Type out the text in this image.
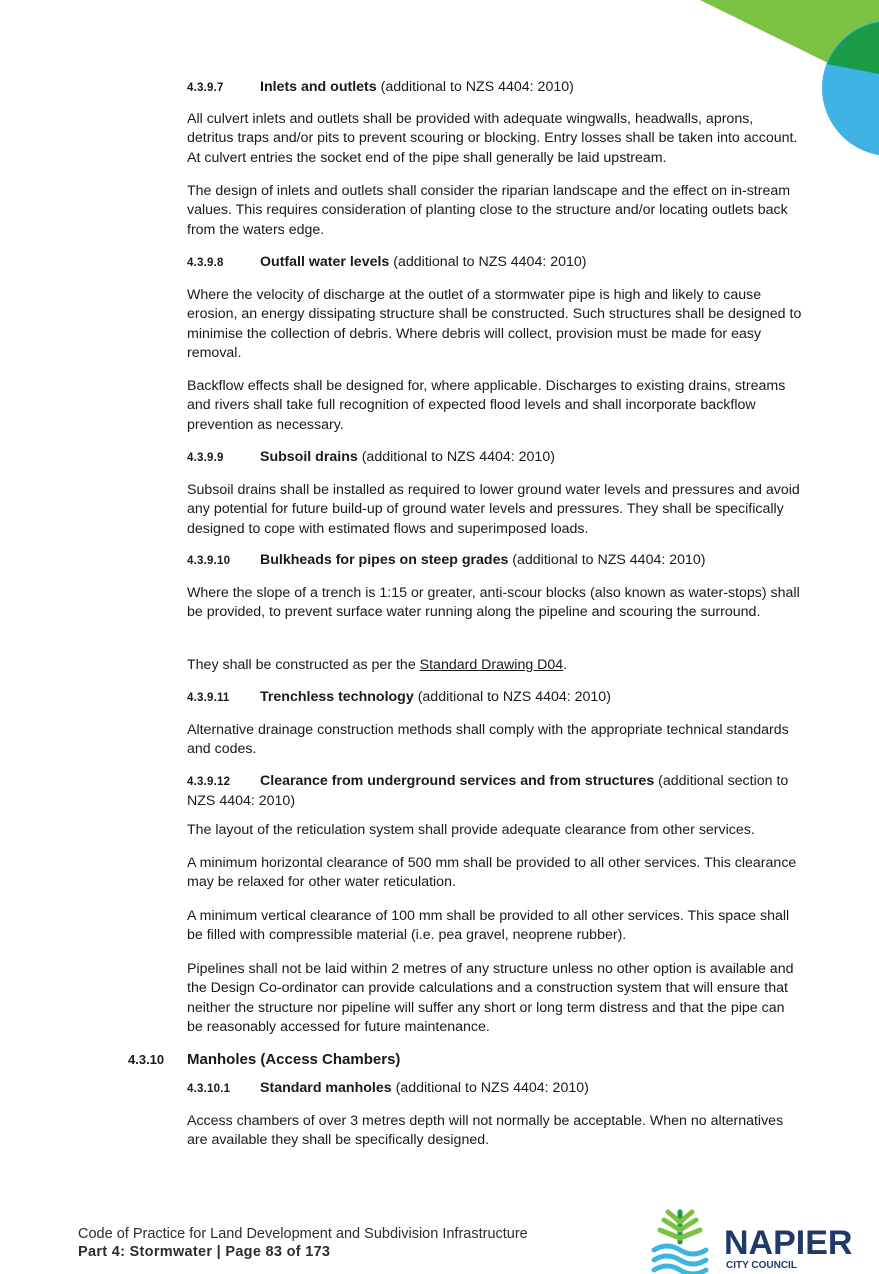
4.3.9.7	Inlets and outlets (additional to NZS 4404: 2010)
All culvert inlets and outlets shall be provided with adequate wingwalls, headwalls, aprons, detritus traps and/or pits to prevent scouring or blocking. Entry losses shall be taken into account. At culvert entries the socket end of the pipe shall generally be laid upstream.
The design of inlets and outlets shall consider the riparian landscape and the effect on in-stream values. This requires consideration of planting close to the structure and/or locating outlets back from the waters edge.
4.3.9.8	Outfall water levels (additional to NZS 4404: 2010)
Where the velocity of discharge at the outlet of a stormwater pipe is high and likely to cause erosion, an energy dissipating structure shall be constructed. Such structures shall be designed to minimise the collection of debris. Where debris will collect, provision must be made for easy removal.
Backflow effects shall be designed for, where applicable. Discharges to existing drains, streams and rivers shall take full recognition of expected flood levels and shall incorporate backflow prevention as necessary.
4.3.9.9	Subsoil drains (additional to NZS 4404: 2010)
Subsoil drains shall be installed as required to lower ground water levels and pressures and avoid any potential for future build-up of ground water levels and pressures. They shall be specifically designed to cope with estimated flows and superimposed loads.
4.3.9.10 Bulkheads for pipes on steep grades (additional to NZS 4404: 2010)
Where the slope of a trench is 1:15 or greater, anti-scour blocks (also known as water-stops) shall be provided, to prevent surface water running along the pipeline and scouring the surround.
They shall be constructed as per the Standard Drawing D04.
4.3.9.11 Trenchless technology (additional to NZS 4404: 2010)
Alternative drainage construction methods shall comply with the appropriate technical standards and codes.
4.3.9.12 Clearance from underground services and from structures (additional section to NZS 4404: 2010)
The layout of the reticulation system shall provide adequate clearance from other services.
A minimum horizontal clearance of 500 mm shall be provided to all other services. This clearance may be relaxed for other water reticulation.
A minimum vertical clearance of 100 mm shall be provided to all other services. This space shall be filled with compressible material (i.e. pea gravel, neoprene rubber).
Pipelines shall not be laid within 2 metres of any structure unless no other option is available and the Design Co-ordinator can provide calculations and a construction system that will ensure that neither the structure nor pipeline will suffer any short or long term distress and that the pipe can be reasonably accessed for future maintenance.
4.3.10 Manholes (Access Chambers)
4.3.10.1 Standard manholes (additional to NZS 4404: 2010)
Access chambers of over 3 metres depth will not normally be acceptable. When no alternatives are available they shall be specifically designed.
Code of Practice for Land Development and Subdivision Infrastructure
Part 4: Stormwater | Page 83 of 173	NAPIER
CITY COUNCIL
